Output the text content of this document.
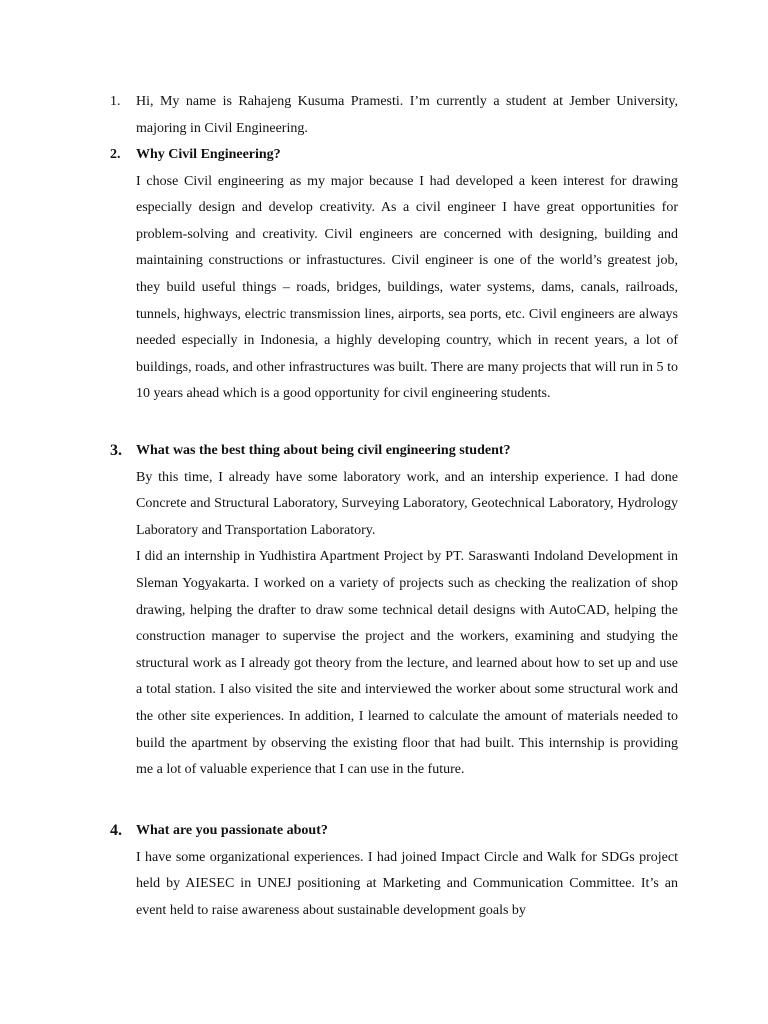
1. Hi, My name is Rahajeng Kusuma Pramesti. I’m currently a student at Jember University, majoring in Civil Engineering.

2. Why Civil Engineering?

I chose Civil engineering as my major because I had developed a keen interest for drawing especially design and develop creativity. As a civil engineer I have great opportunities for problem-solving and creativity. Civil engineers are concerned with designing, building and maintaining constructions or infrastuctures. Civil engineer is one of the world’s greatest job, they build useful things – roads, bridges, buildings, water systems, dams, canals, railroads, tunnels, highways, electric transmission lines, airports, sea ports, etc. Civil engineers are always needed especially in Indonesia, a highly developing country, which in recent years, a lot of buildings, roads, and other infrastructures was built. There are many projects that will run in 5 to 10 years ahead which is a good opportunity for civil engineering students.

3. What was the best thing about being civil engineering student?

By this time, I already have some laboratory work, and an intership experience. I had done Concrete and Structural Laboratory, Surveying Laboratory, Geotechnical Laboratory, Hydrology Laboratory and Transportation Laboratory.

I did an internship in Yudhistira Apartment Project by PT. Saraswanti Indoland Development in Sleman Yogyakarta. I worked on a variety of projects such as checking the realization of shop drawing, helping the drafter to draw some technical detail designs with AutoCAD, helping the construction manager to supervise the project and the workers, examining and studying the structural work as I already got theory from the lecture, and learned about how to set up and use a total station. I also visited the site and interviewed the worker about some structural work and the other site experiences. In addition, I learned to calculate the amount of materials needed to build the apartment by observing the existing floor that had built. This internship is providing me a lot of valuable experience that I can use in the future.

4. What are you passionate about?

I have some organizational experiences. I had joined Impact Circle and Walk for SDGs project held by AIESEC in UNEJ positioning at Marketing and Communication Committee. It’s an event held to raise awareness about sustainable development goals by
